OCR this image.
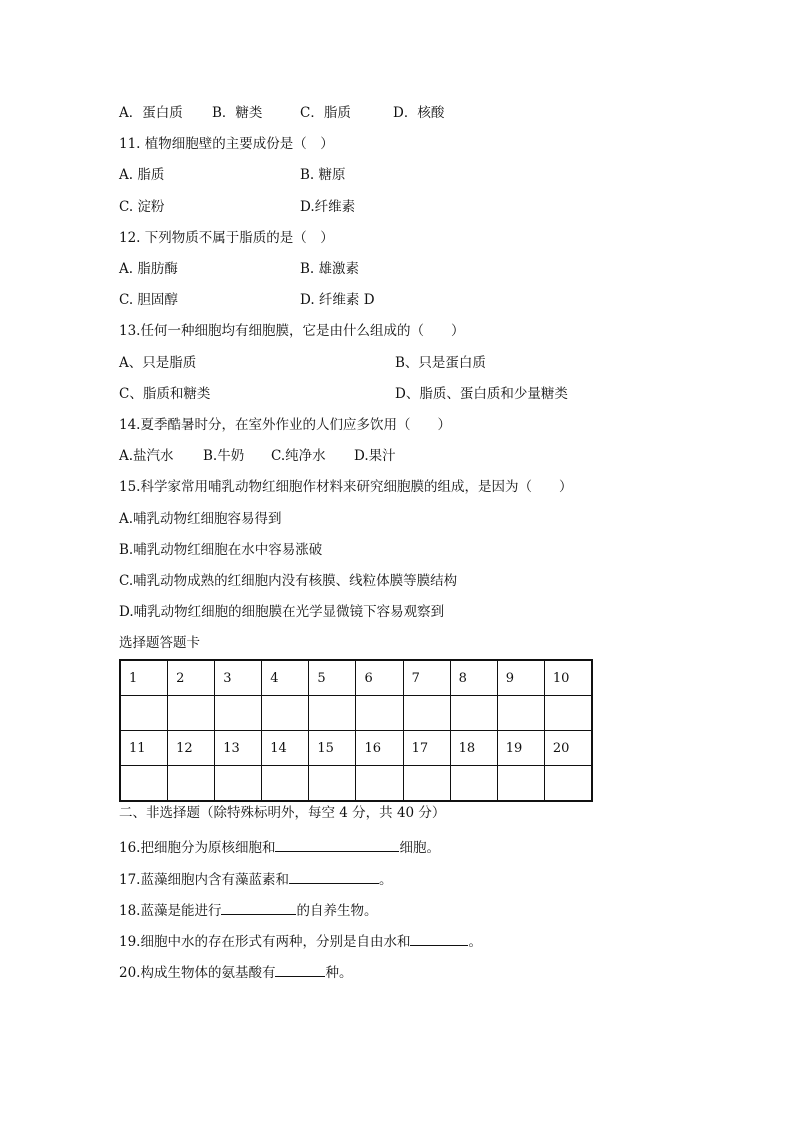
A．蛋白质 B．糖类	C．脂质	D．核酸
11. 植物细胞壁的主要成份是（　）
A. 脂质	B. 糖原
C. 淀粉	D.纤维素
12. 下列物质不属于脂质的是（　）
A. 脂肪酶	B. 雄激素
C. 胆固醇	D. 纤维素 D
13.任何一种细胞均有细胞膜，它是由什么组成的（　　）
A、只是脂质	B、只是蛋白质
C、脂质和糖类	D、脂质、蛋白质和少量糖类
14.夏季酷暑时分，在室外作业的人们应多饮用（　　）
A.盐汽水 B.牛奶 C.纯净水 D.果汁
15.科学家常用哺乳动物红细胞作材料来研究细胞膜的组成，是因为（　　）
A.哺乳动物红细胞容易得到
B.哺乳动物红细胞在水中容易涨破
C.哺乳动物成熟的红细胞内没有核膜、线粒体膜等膜结构
D.哺乳动物红细胞的细胞膜在光学显微镜下容易观察到
选择题答题卡
1	2	3	4	5	6	7	8	9	10

11	12	13	14	15	16	17	18	19	20

二、非选择题（除特殊标明外，每空 4 分，共 40 分）
16.把细胞分为原核细胞和	细胞。
17.蓝藻细胞内含有藻蓝素和	。
18.蓝藻是能进行	的自养生物。
19.细胞中水的存在形式有两种，分别是自由水和	。
20.构成生物体的氨基酸有	种。
